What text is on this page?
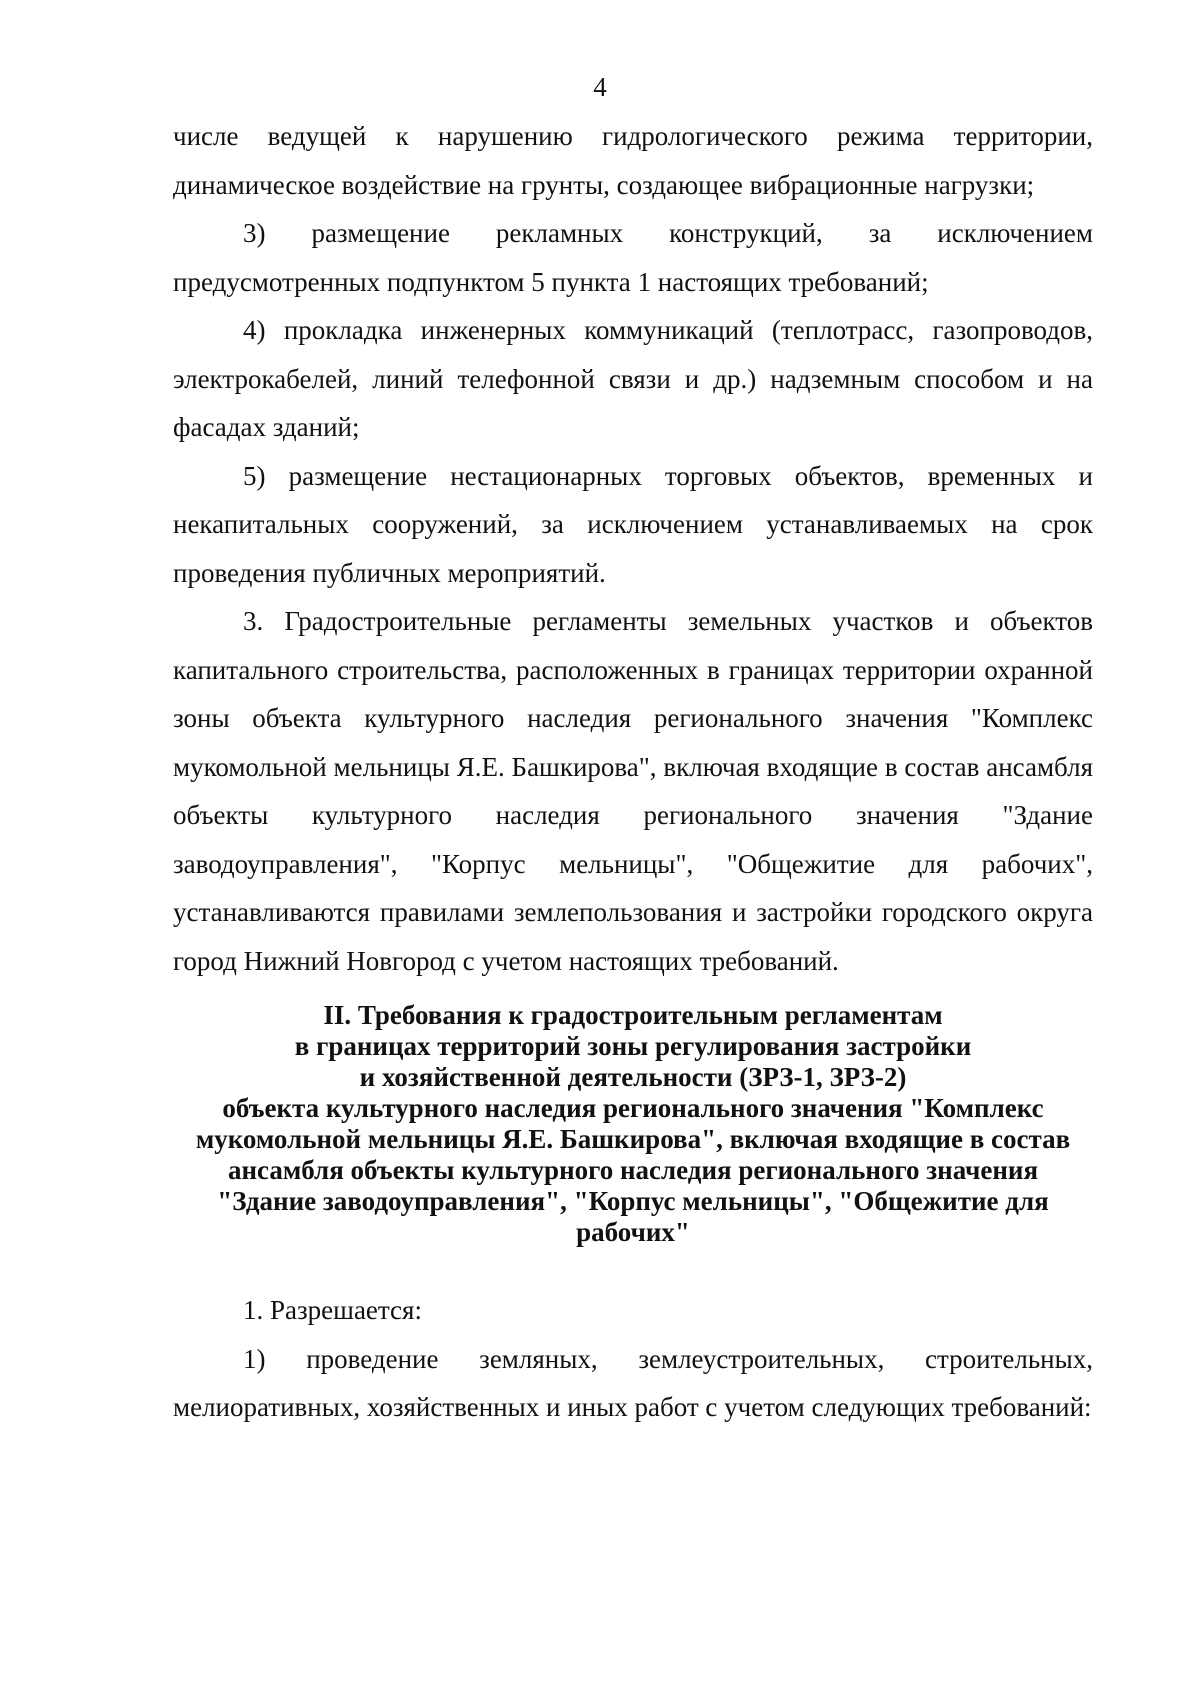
4

числе ведущей к нарушению гидрологического режима территории, динамическое воздействие на грунты, создающее вибрационные нагрузки;

3) размещение рекламных конструкций, за исключением предусмотренных подпунктом 5 пункта 1 настоящих требований;

4) прокладка инженерных коммуникаций (теплотрасс, газопроводов, электрокабелей, линий телефонной связи и др.) надземным способом и на фасадах зданий;

5) размещение нестационарных торговых объектов, временных и некапитальных сооружений, за исключением устанавливаемых на срок проведения публичных мероприятий.

3. Градостроительные регламенты земельных участков и объектов капитального строительства, расположенных в границах территории охранной зоны объекта культурного наследия регионального значения "Комплекс мукомольной мельницы Я.Е. Башкирова", включая входящие в состав ансамбля объекты культурного наследия регионального значения "Здание заводоуправления", "Корпус мельницы", "Общежитие для рабочих", устанавливаются правилами землепользования и застройки городского округа город Нижний Новгород с учетом настоящих требований.

II. Требования к градостроительным регламентам
в границах территорий зоны регулирования застройки
и хозяйственной деятельности (ЗРЗ-1, ЗРЗ-2)
объекта культурного наследия регионального значения "Комплекс
мукомольной мельницы Я.Е. Башкирова", включая входящие в состав
ансамбля объекты культурного наследия регионального значения
"Здание заводоуправления", "Корпус мельницы", "Общежитие для
рабочих"

1. Разрешается:

1) проведение земляных, землеустроительных, строительных, мелиоративных, хозяйственных и иных работ с учетом следующих требований:
